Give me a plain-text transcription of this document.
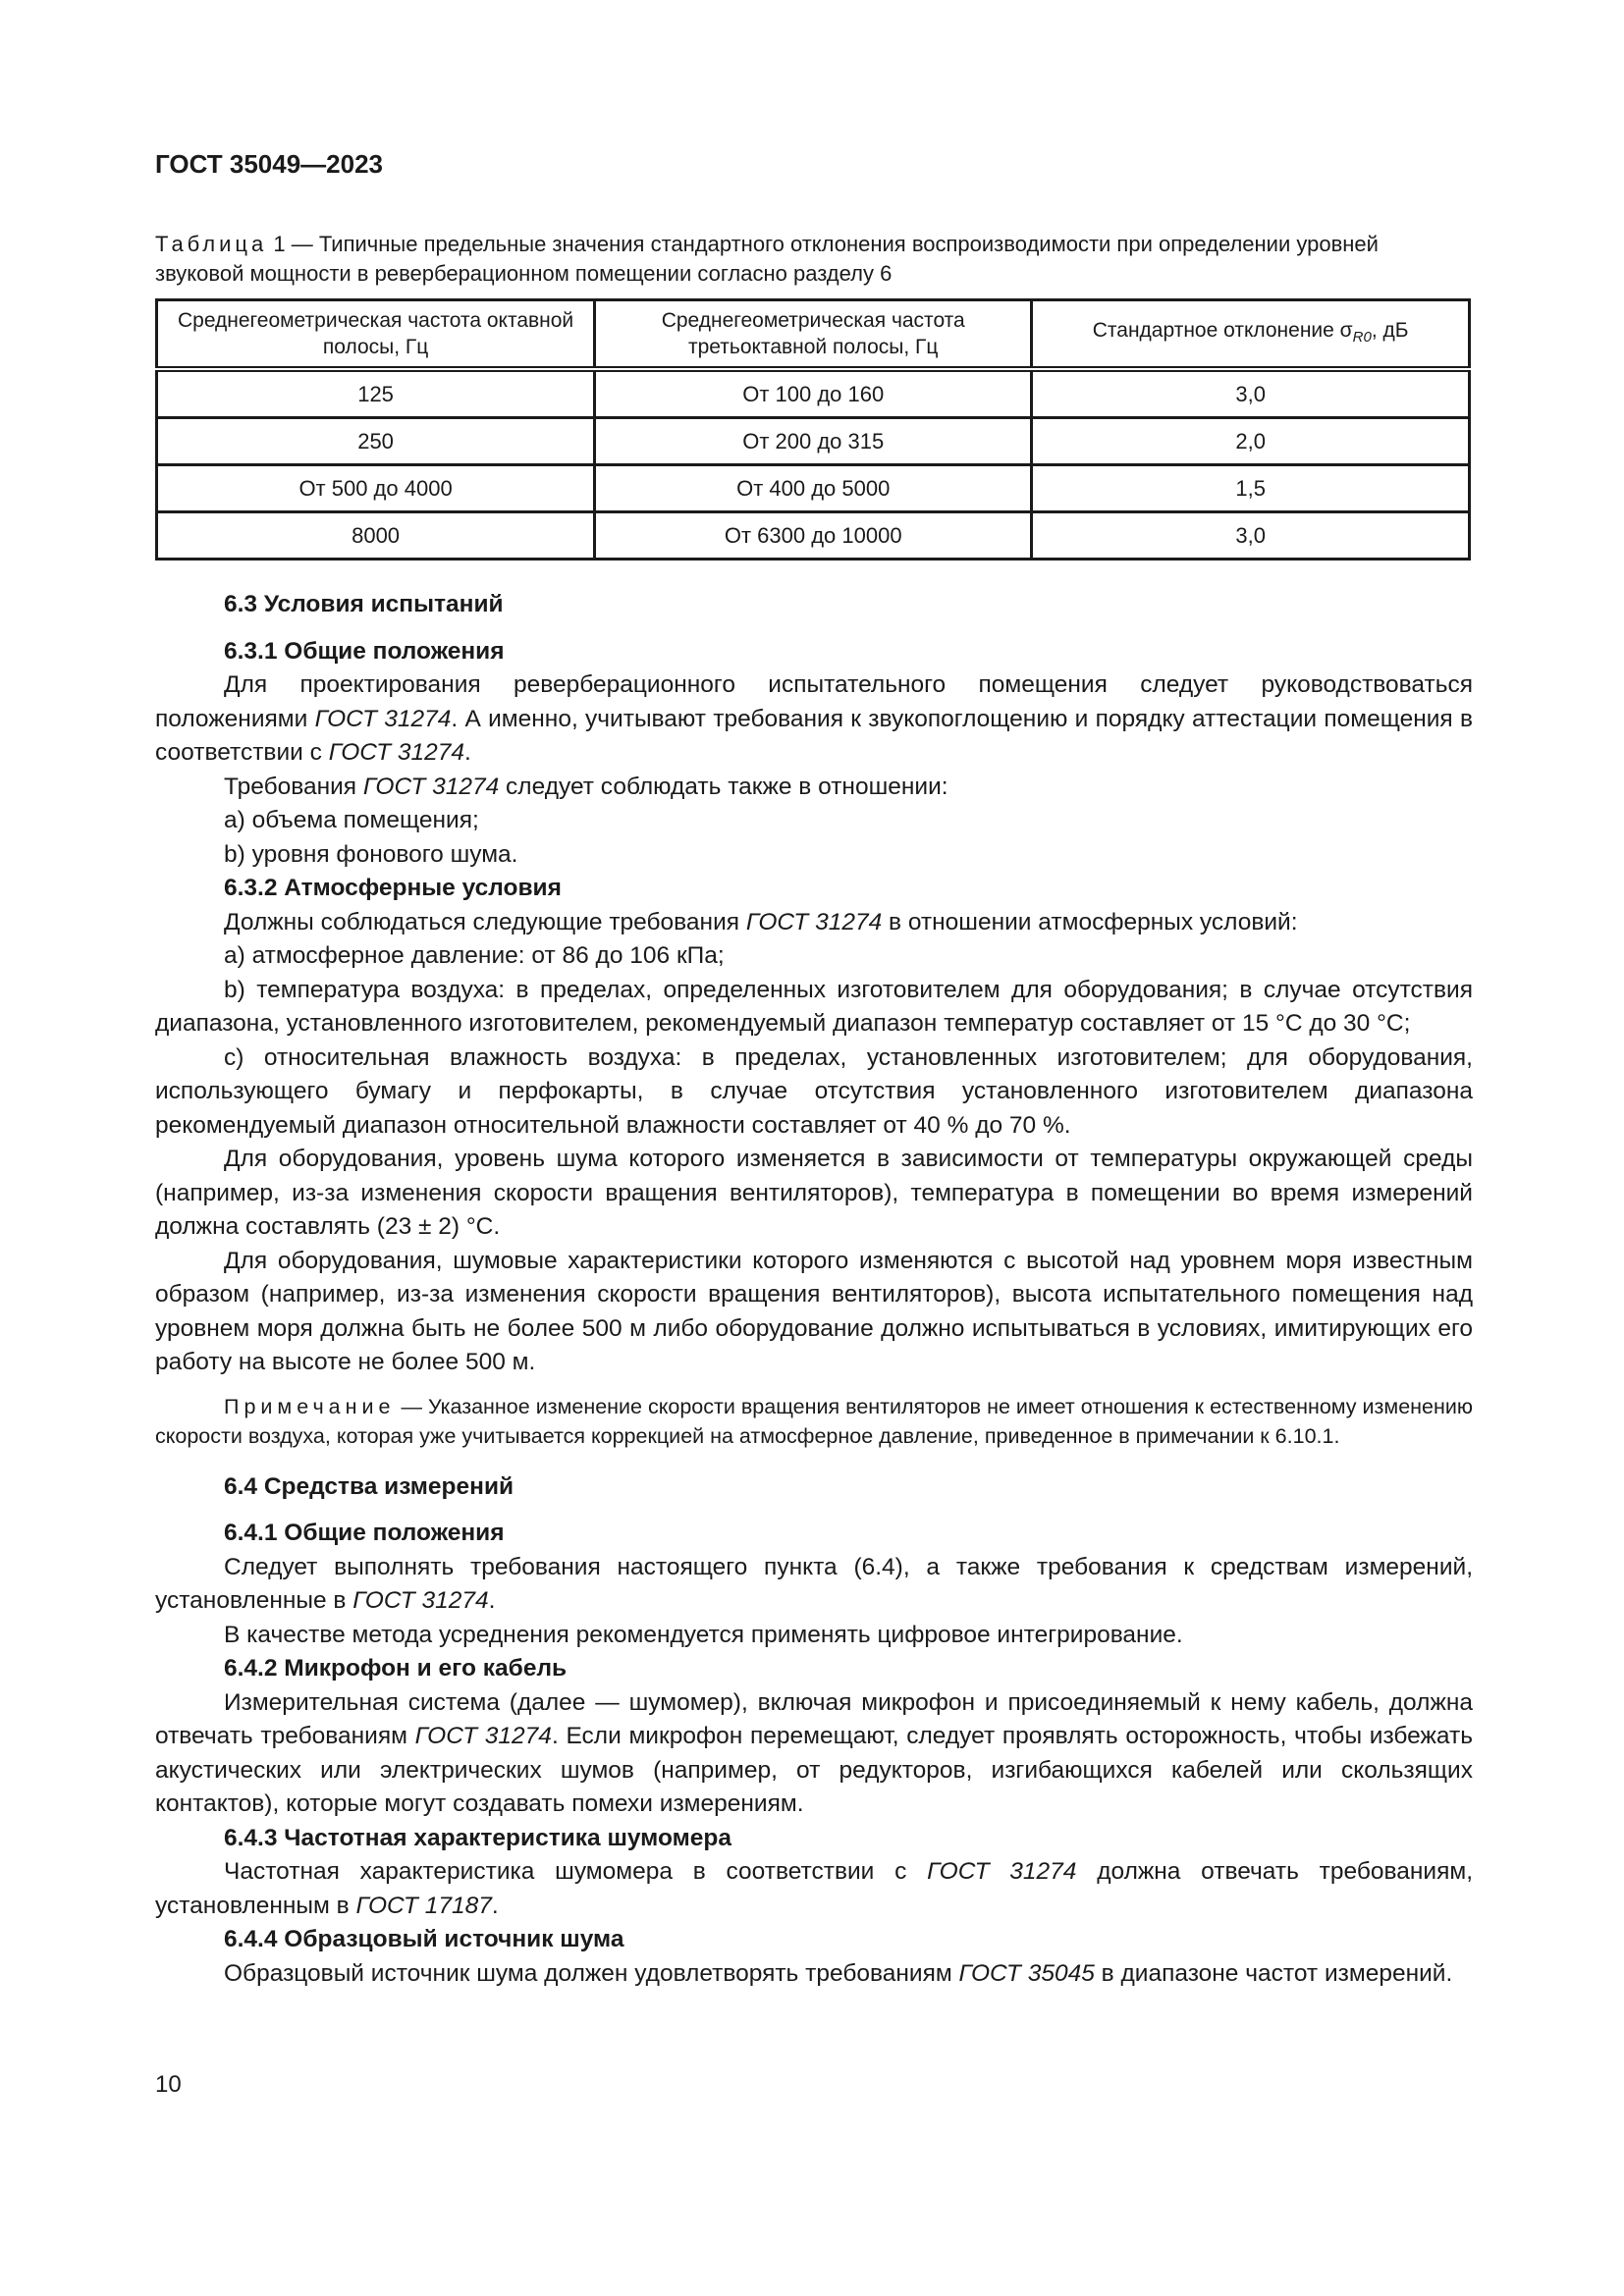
ГОСТ 35049—2023
Таблица 1 — Типичные предельные значения стандартного отклонения воспроизводимости при определении уровней звуковой мощности в реверберационном помещении согласно разделу 6
Среднегеометрическая частота октавной полосы, Гц	Среднегеометрическая частота третьоктавной полосы, Гц	Стандартное отклонение $\sigma_{R0}$, дБ
125	От 100 до 160	3,0
250	От 200 до 315	2,0
От 500 до 4000	От 400 до 5000	1,5
8000	От 6300 до 10000	3,0

6.3 Условия испытаний

6.3.1 Общие положения

Для проектирования реверберационного испытательного помещения следует руководствоваться положениями ГОСТ 31274. А именно, учитывают требования к звукопоглощению и порядку аттестации помещения в соответствии с ГОСТ 31274.

Требования ГОСТ 31274 следует соблюдать также в отношении:

a) объема помещения;

b) уровня фонового шума.

6.3.2 Атмосферные условия

Должны соблюдаться следующие требования ГОСТ 31274 в отношении атмосферных условий:

a) атмосферное давление: от 86 до 106 кПа;

b) температура воздуха: в пределах, определенных изготовителем для оборудования; в случае отсутствия диапазона, установленного изготовителем, рекомендуемый диапазон температур составляет от 15 °С до 30 °С;

c) относительная влажность воздуха: в пределах, установленных изготовителем; для оборудования, использующего бумагу и перфокарты, в случае отсутствия установленного изготовителем диапазона рекомендуемый диапазон относительной влажности составляет от 40 % до 70 %.

Для оборудования, уровень шума которого изменяется в зависимости от температуры окружающей среды (например, из-за изменения скорости вращения вентиляторов), температура в помещении во время измерений должна составлять (23 ± 2) °С.

Для оборудования, шумовые характеристики которого изменяются с высотой над уровнем моря известным образом (например, из-за изменения скорости вращения вентиляторов), высота испытательного помещения над уровнем моря должна быть не более 500 м либо оборудование должно испытываться в условиях, имитирующих его работу на высоте не более 500 м.

Примечание — Указанное изменение скорости вращения вентиляторов не имеет отношения к естественному изменению скорости воздуха, которая уже учитывается коррекцией на атмосферное давление, приведенное в примечании к 6.10.1.

6.4 Средства измерений

6.4.1 Общие положения

Следует выполнять требования настоящего пункта (6.4), а также требования к средствам измерений, установленные в ГОСТ 31274.

В качестве метода усреднения рекомендуется применять цифровое интегрирование.

6.4.2 Микрофон и его кабель

Измерительная система (далее — шумомер), включая микрофон и присоединяемый к нему кабель, должна отвечать требованиям ГОСТ 31274. Если микрофон перемещают, следует проявлять осторожность, чтобы избежать акустических или электрических шумов (например, от редукторов, изгибающихся кабелей или скользящих контактов), которые могут создавать помехи измерениям.

6.4.3 Частотная характеристика шумомера

Частотная характеристика шумомера в соответствии с ГОСТ 31274 должна отвечать требованиям, установленным в ГОСТ 17187.

6.4.4 Образцовый источник шума

Образцовый источник шума должен удовлетворять требованиям ГОСТ 35045 в диапазоне частот измерений.

10
